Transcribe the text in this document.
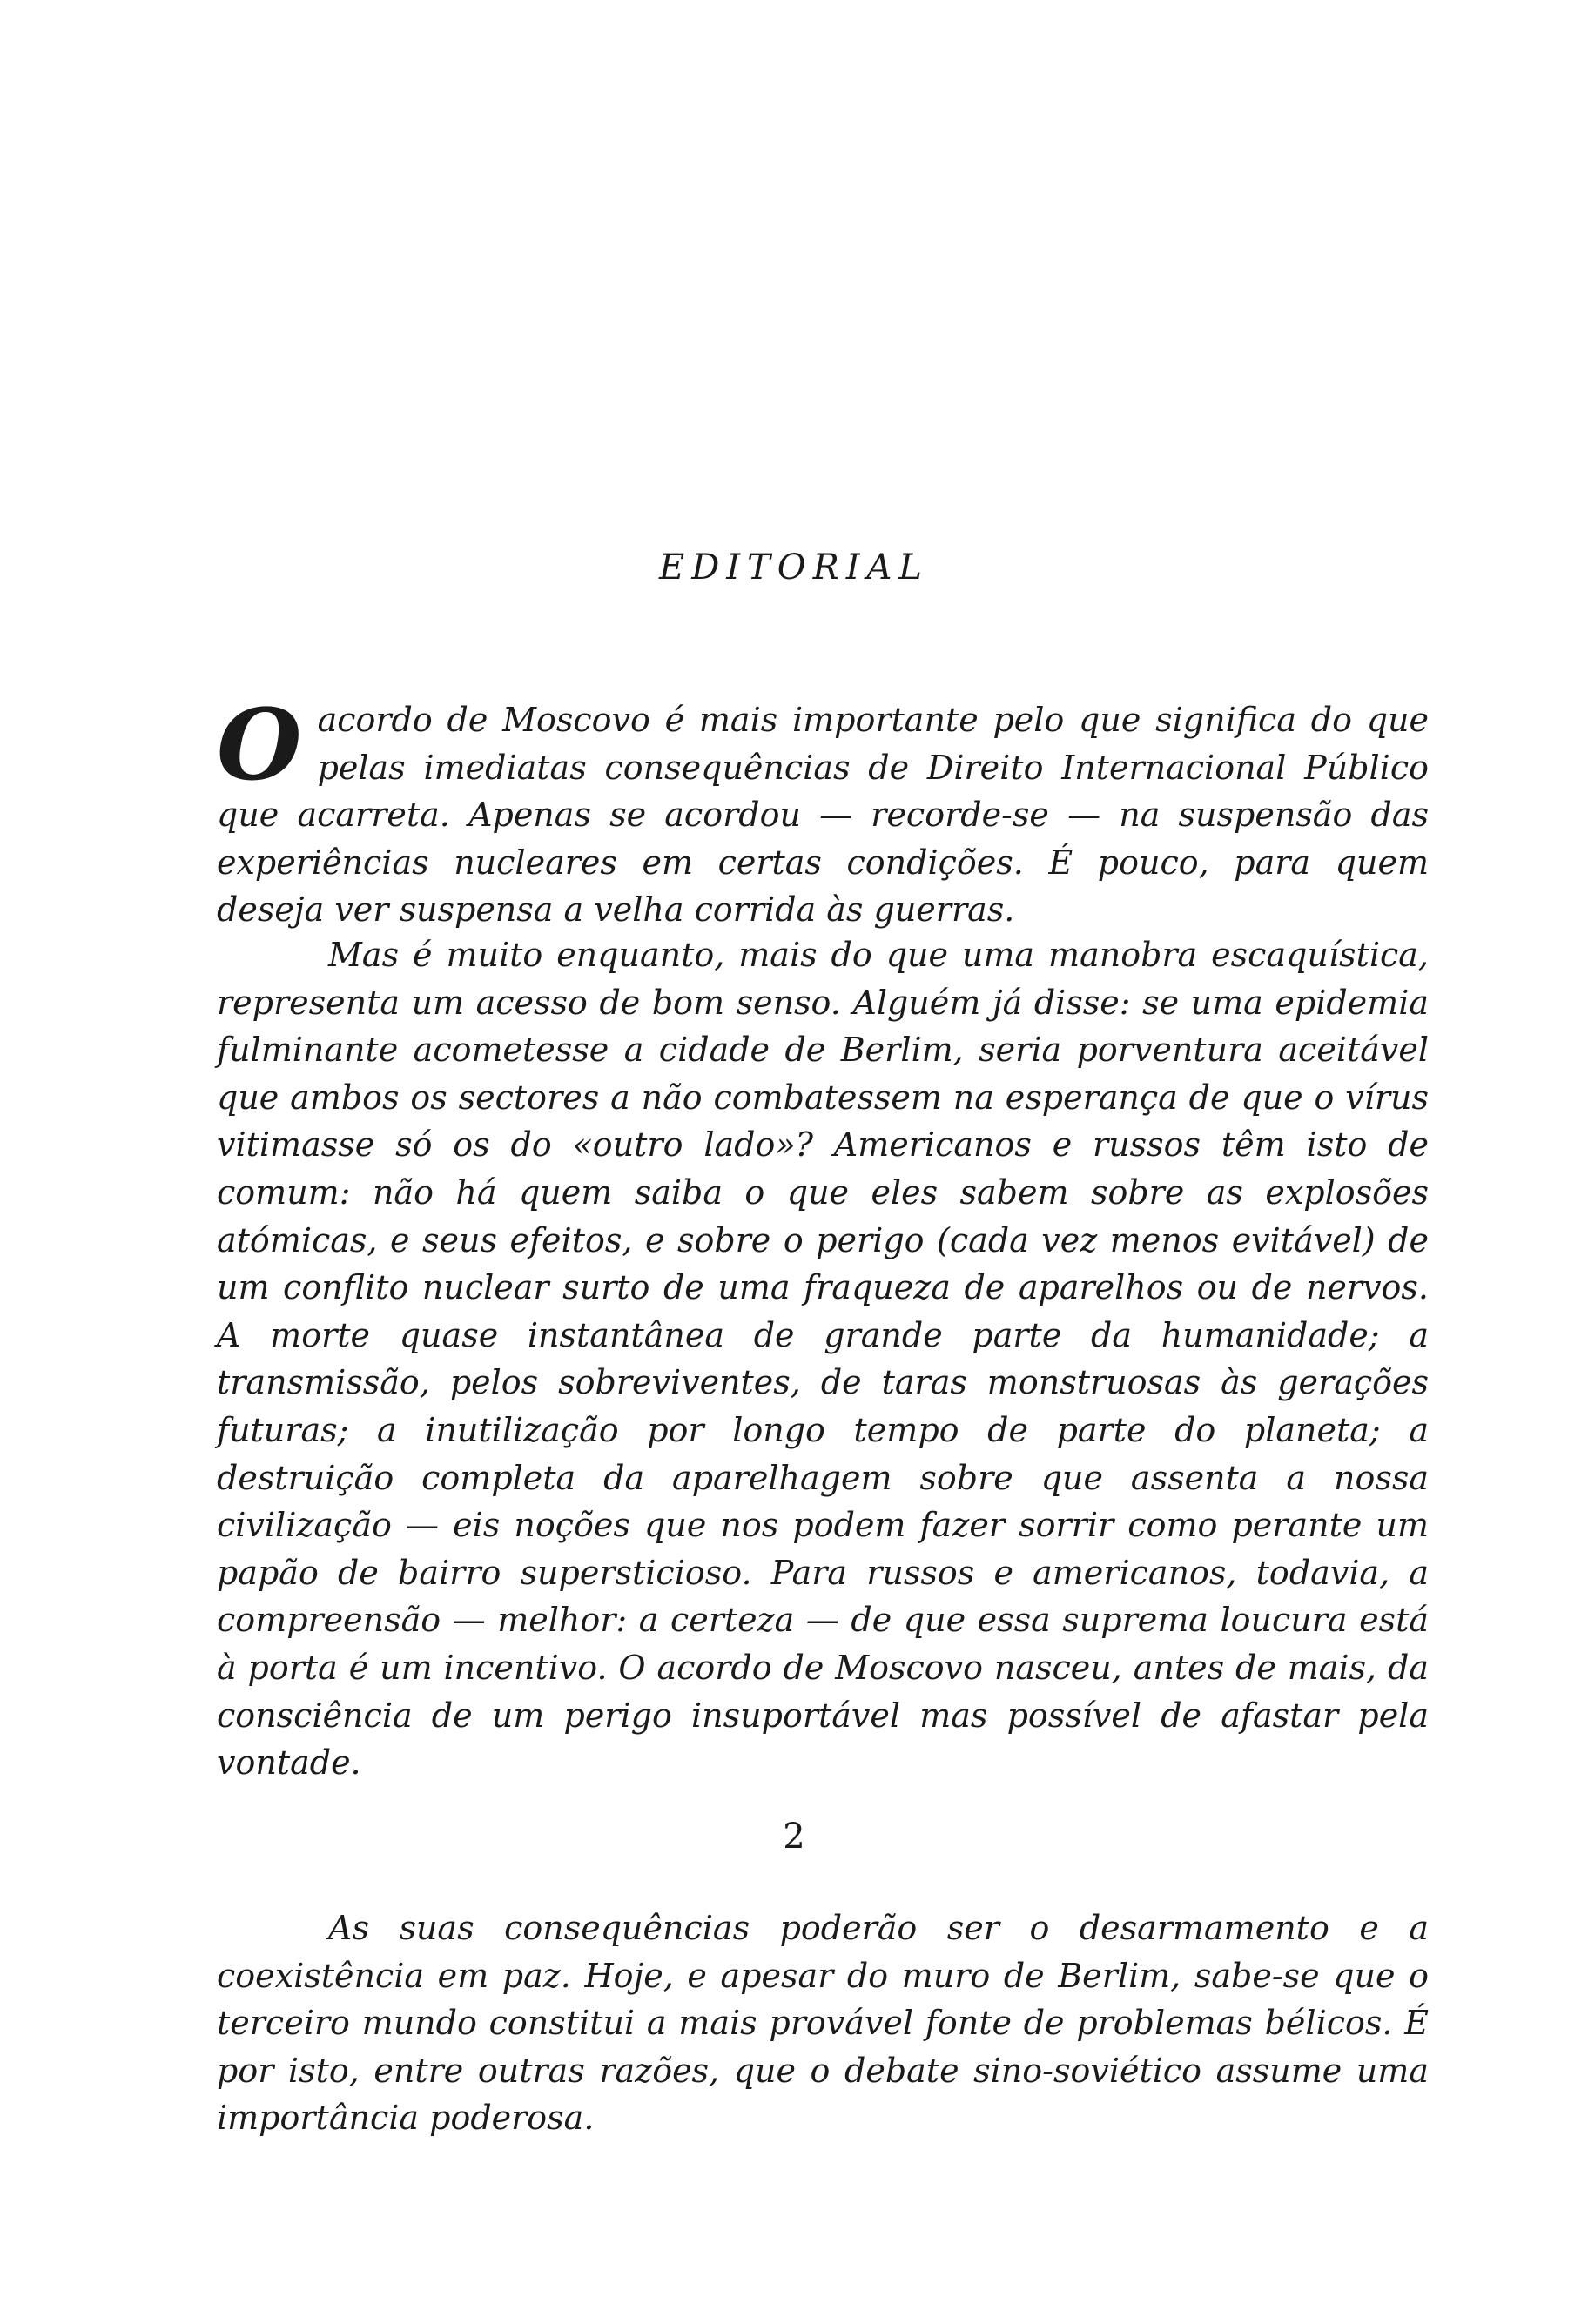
EDITORIAL

Oacordo de Moscovo é mais importante pelo que significa do que pelas imediatas consequências de Direito Internacional Público que acarreta. Apenas se acordou — recorde-se — na suspensão das experiências nucleares em certas condições. É pouco, para quem deseja ver suspensa a velha corrida às guerras.

Mas é muito enquanto, mais do que uma manobra escaquística, representa um acesso de bom senso. Alguém já disse: se uma epidemia fulminante acometesse a cidade de Berlim, seria porventura aceitável que ambos os sectores a não combatessem na esperança de que o vírus vitimasse só os do «outro lado»? Americanos e russos têm isto de comum: não há quem saiba o que eles sabem sobre as explosões atómicas, e seus efeitos, e sobre o perigo (cada vez menos evitável) de um conflito nuclear surto de uma fraqueza de aparelhos ou de nervos. A morte quase instantânea de grande parte da humanidade; a transmissão, pelos sobreviventes, de taras monstruosas às gerações futuras; a inutilização por longo tempo de parte do planeta; a destruição completa da aparelhagem sobre que assenta a nossa civilização — eis noções que nos podem fazer sorrir como perante um papão de bairro supersticioso. Para russos e americanos, todavia, a compreensão — melhor: a certeza — de que essa suprema loucura está à porta é um incentivo. O acordo de Moscovo nasceu, antes de mais, da consciência de um perigo insuportável mas possível de afastar pela vontade.

2

As suas consequências poderão ser o desarmamento e a coexistência em paz. Hoje, e apesar do muro de Berlim, sabe-se que o terceiro mundo constitui a mais provável fonte de problemas bélicos. É por isto, entre outras razões, que o debate sino-soviético assume uma importância poderosa.
